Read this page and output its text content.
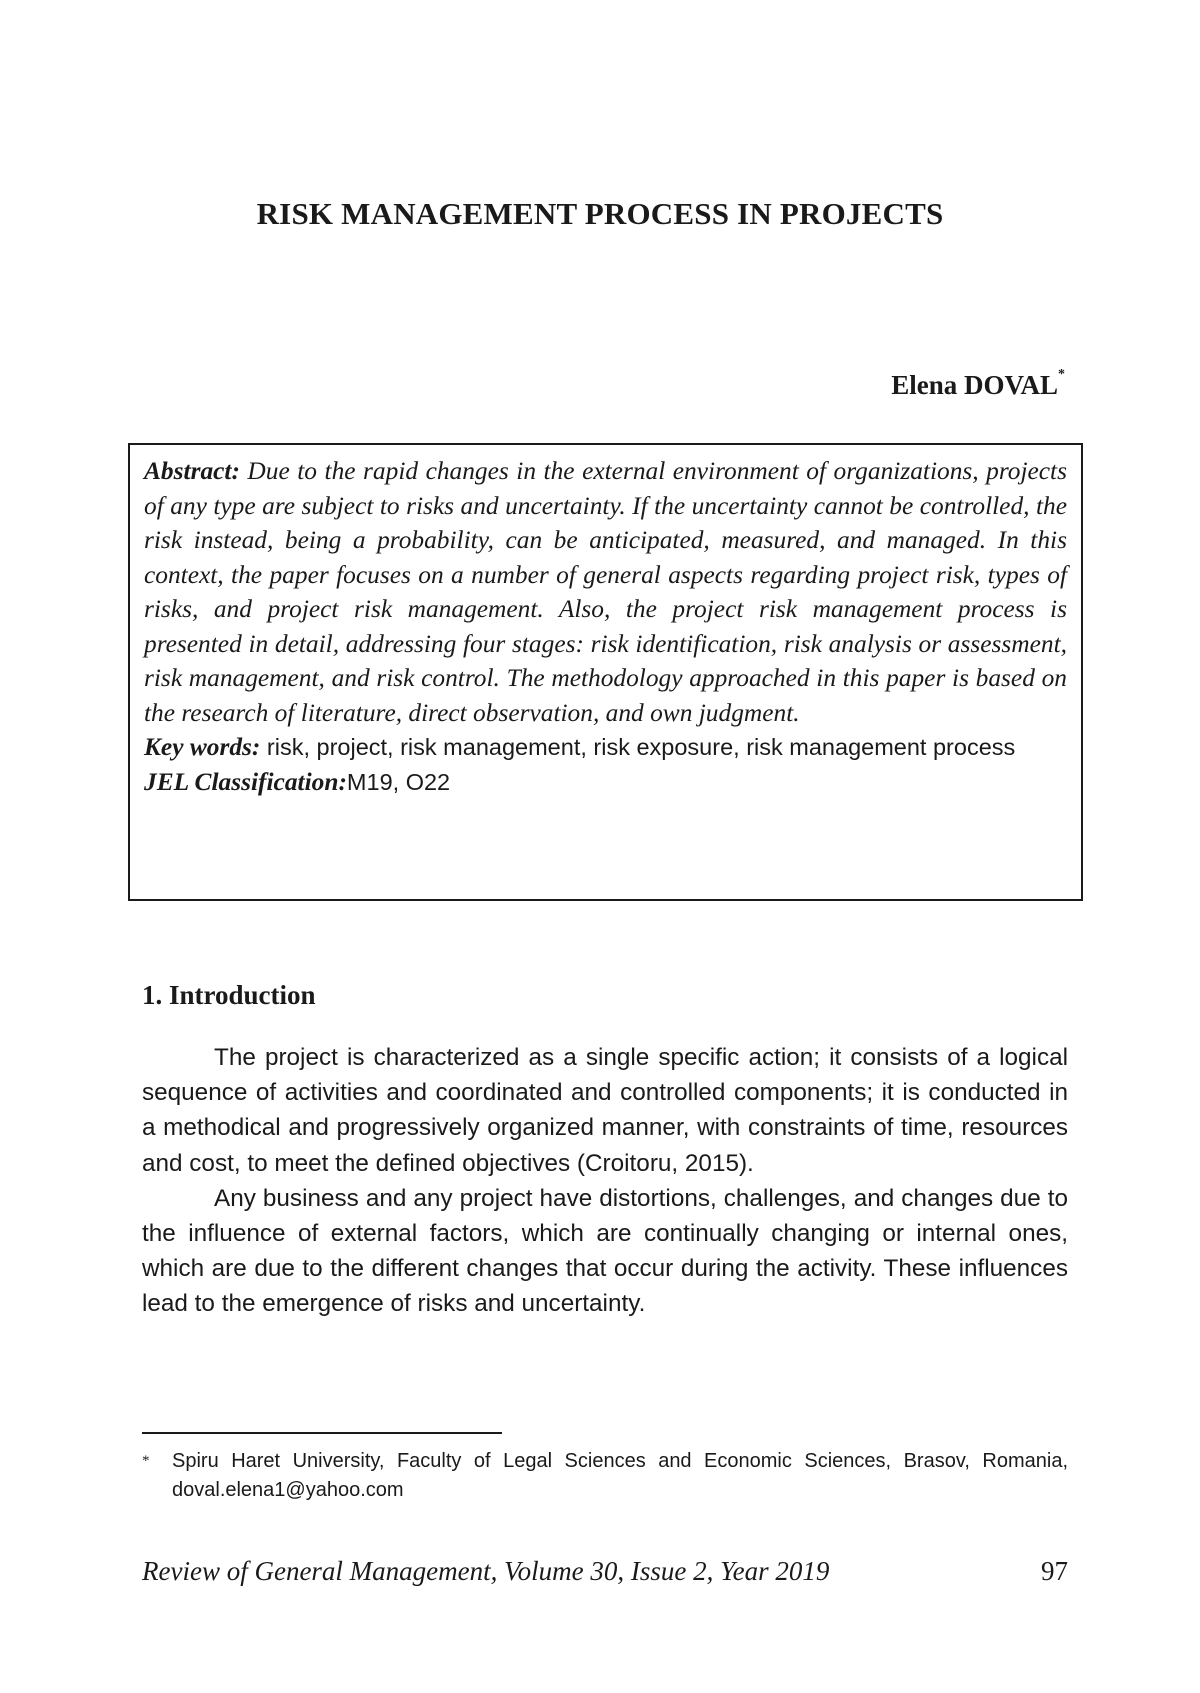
RISK MANAGEMENT PROCESS IN PROJECTS
Elena DOVAL*

Abstract: Due to the rapid changes in the external environment of organizations, projects of any type are subject to risks and uncertainty. If the uncertainty cannot be controlled, the risk instead, being a probability, can be anticipated, measured, and managed. In this context, the paper focuses on a number of general aspects regarding project risk, types of risks, and project risk management. Also, the project risk management process is presented in detail, addressing four stages: risk identification, risk analysis or assessment, risk management, and risk control. The methodology approached in this paper is based on the research of literature, direct observation, and own judgment.

Key words: risk, project, risk management, risk exposure, risk management process

JEL Classification:M19, O22

1. Introduction

The project is characterized as a single specific action; it consists of a logical sequence of activities and coordinated and controlled components; it is conducted in a methodical and progressively organized manner, with constraints of time, resources and cost, to meet the defined objectives (Croitoru, 2015).

Any business and any project have distortions, challenges, and changes due to the influence of external factors, which are continually changing or internal ones, which are due to the different changes that occur during the activity. These influences lead to the emergence of risks and uncertainty.

* Spiru Haret University, Faculty of Legal Sciences and Economic Sciences, Brasov, Romania, doval.elena1@yahoo.com

Review of General Management, Volume 30, Issue 2, Year 2019	97
